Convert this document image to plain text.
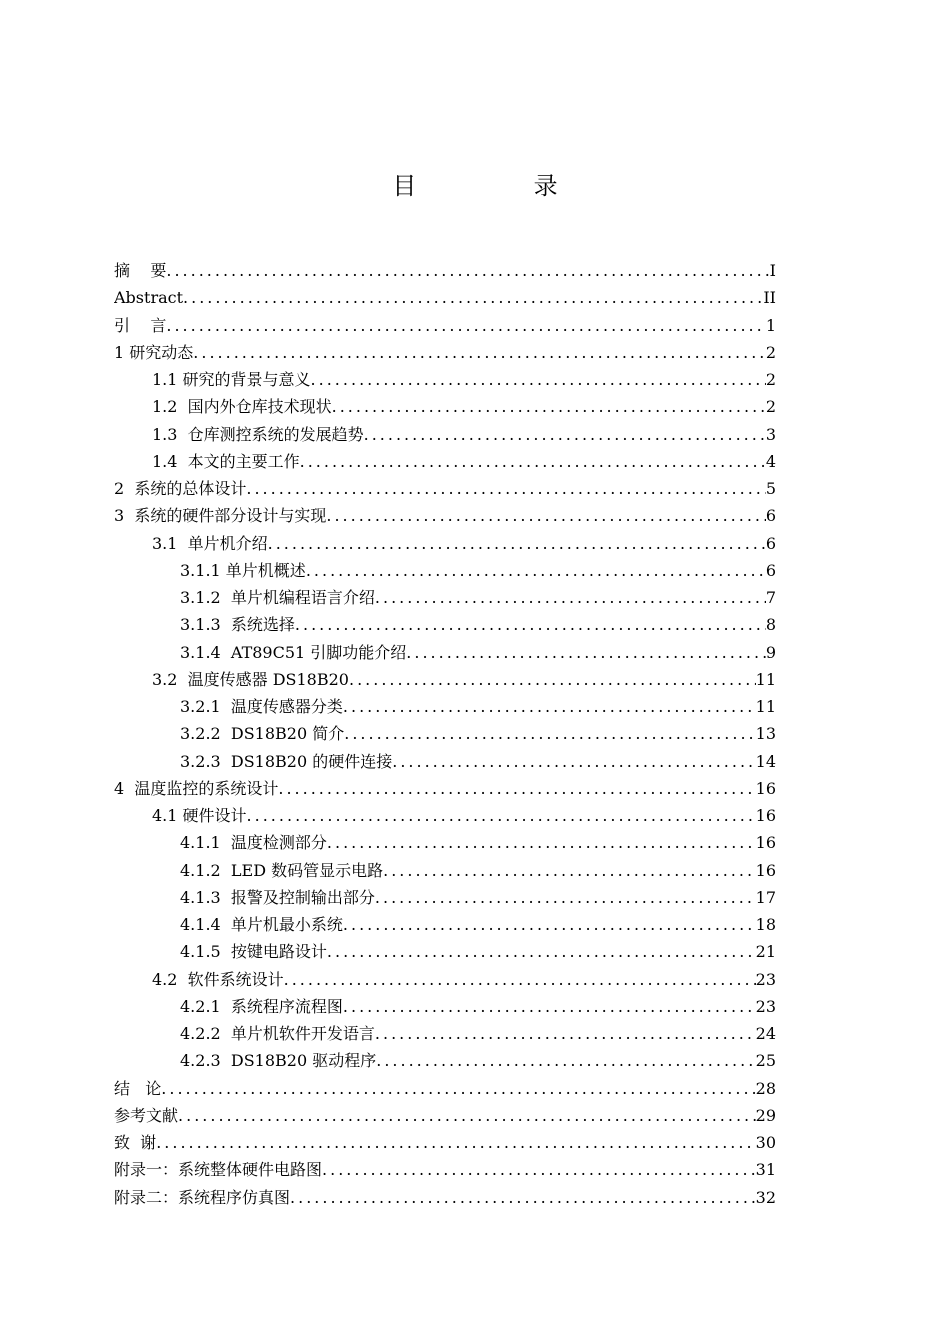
目  录
摘    要 .....	I
Abstract .....	II
引    言 .....	1
1 研究动态 .....	2
1.1 研究的背景与意义 .....	2
1.2  国内外仓库技术现状 .....	2
1.3  仓库测控系统的发展趋势 .....	3
1.4  本文的主要工作 .....	4
2  系统的总体设计 .....	5
3  系统的硬件部分设计与实现 .....	6
3.1  单片机介绍 .....	6
3.1.1 单片机概述 .....	6
3.1.2  单片机编程语言介绍 .....	7
3.1.3  系统选择 .....	8
3.1.4  AT89C51 引脚功能介绍 .....	9
3.2  温度传感器 DS18B20 .....	11
3.2.1  温度传感器分类 .....	11
3.2.2  DS18B20 简介 .....	13
3.2.3  DS18B20 的硬件连接 .....	14
4  温度监控的系统设计 .....	16
4.1 硬件设计 .....	16
4.1.1  温度检测部分 .....	16
4.1.2  LED 数码管显示电路 .....	16
4.1.3  报警及控制输出部分 .....	17
4.1.4  单片机最小系统 .....	18
4.1.5  按键电路设计 .....	21
4.2  软件系统设计 .....	23
4.2.1  系统程序流程图 .....	23
4.2.2  单片机软件开发语言 .....	24
4.2.3  DS18B20 驱动程序 .....	25
结   论 .....	28
参考文献 .....	29
致  谢 .....	30
附录一：系统整体硬件电路图 .....	31
附录二：系统程序仿真图 .....	32
